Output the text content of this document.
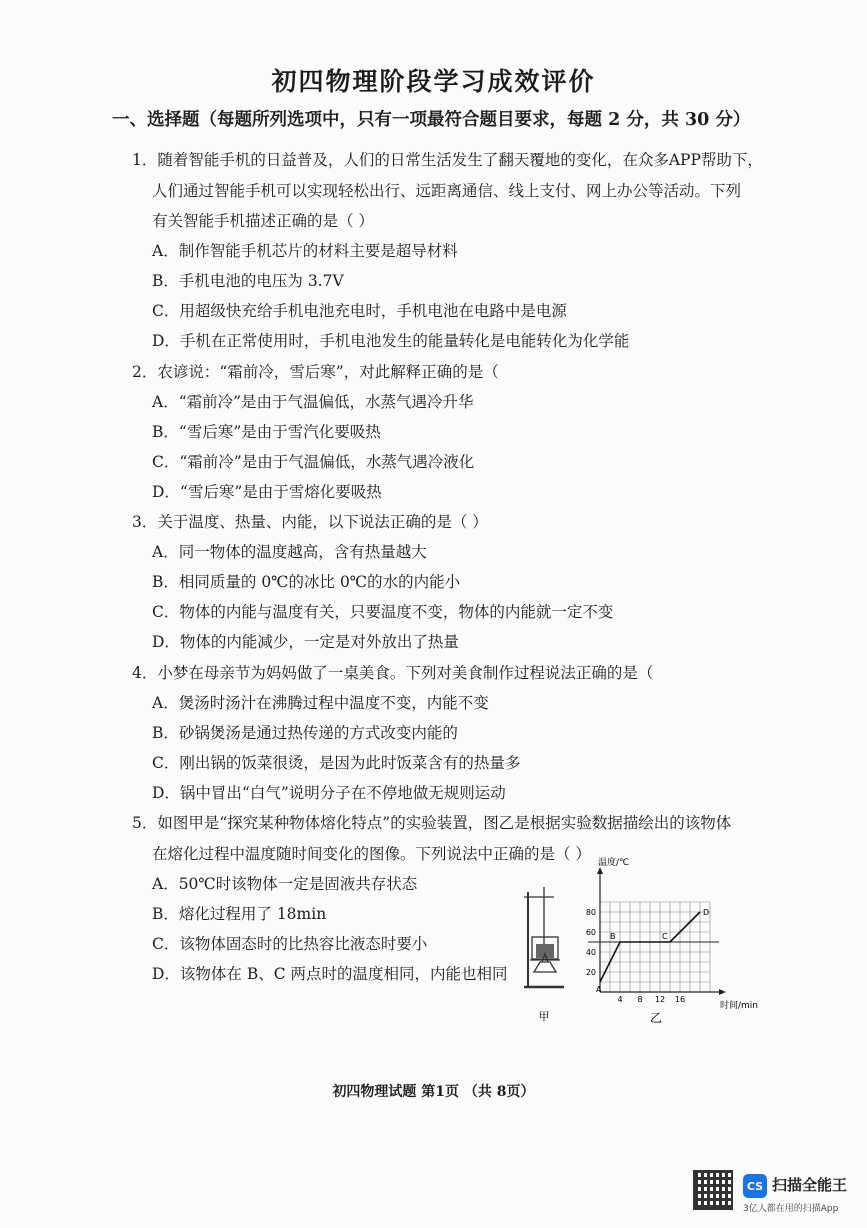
初四物理阶段学习成效评价
一、选择题（每题所列选项中，只有一项最符合题目要求，每题 2 分，共 30 分）
1．随着智能手机的日益普及，人们的日常生活发生了翻天覆地的变化，在众多APP帮助下，
人们通过智能手机可以实现轻松出行、远距离通信、线上支付、网上办公等活动。下列
有关智能手机描述正确的是（ ）
A．制作智能手机芯片的材料主要是超导材料
B．手机电池的电压为 3.7V
C．用超级快充给手机电池充电时，手机电池在电路中是电源
D．手机在正常使用时，手机电池发生的能量转化是电能转化为化学能
2．农谚说：“霜前冷，雪后寒”，对此解释正确的是（
A．“霜前冷”是由于气温偏低，水蒸气遇冷升华
B．“雪后寒”是由于雪汽化要吸热
C．“霜前冷”是由于气温偏低，水蒸气遇冷液化
D．“雪后寒”是由于雪熔化要吸热
3．关于温度、热量、内能，以下说法正确的是（ ）
A．同一物体的温度越高，含有热量越大
B．相同质量的 0℃的冰比 0℃的水的内能小
C．物体的内能与温度有关，只要温度不变，物体的内能就一定不变
D．物体的内能减少，一定是对外放出了热量
4．小梦在母亲节为妈妈做了一桌美食。下列对美食制作过程说法正确的是（
A．煲汤时汤汁在沸腾过程中温度不变，内能不变
B．砂锅煲汤是通过热传递的方式改变内能的
C．刚出锅的饭菜很烫，是因为此时饭菜含有的热量多
D．锅中冒出“白气”说明分子在不停地做无规则运动
5．如图甲是“探究某种物体熔化特点”的实验装置，图乙是根据实验数据描绘出的该物体
在熔化过程中温度随时间变化的图像。下列说法中正确的是（ ）
A．50℃时该物体一定是固液共存状态
B．熔化过程用了 18min
C．该物体固态时的比热容比液态时要小
D．该物体在 B、C 两点时的温度相同，内能也相同
甲
温度/℃
时间/min
20
40
60
80
4 8 12 16
A
B	C
D
乙
初四物理试题 第1页 （共 8页）
CS 扫描全能王
3亿人都在用的扫描App
